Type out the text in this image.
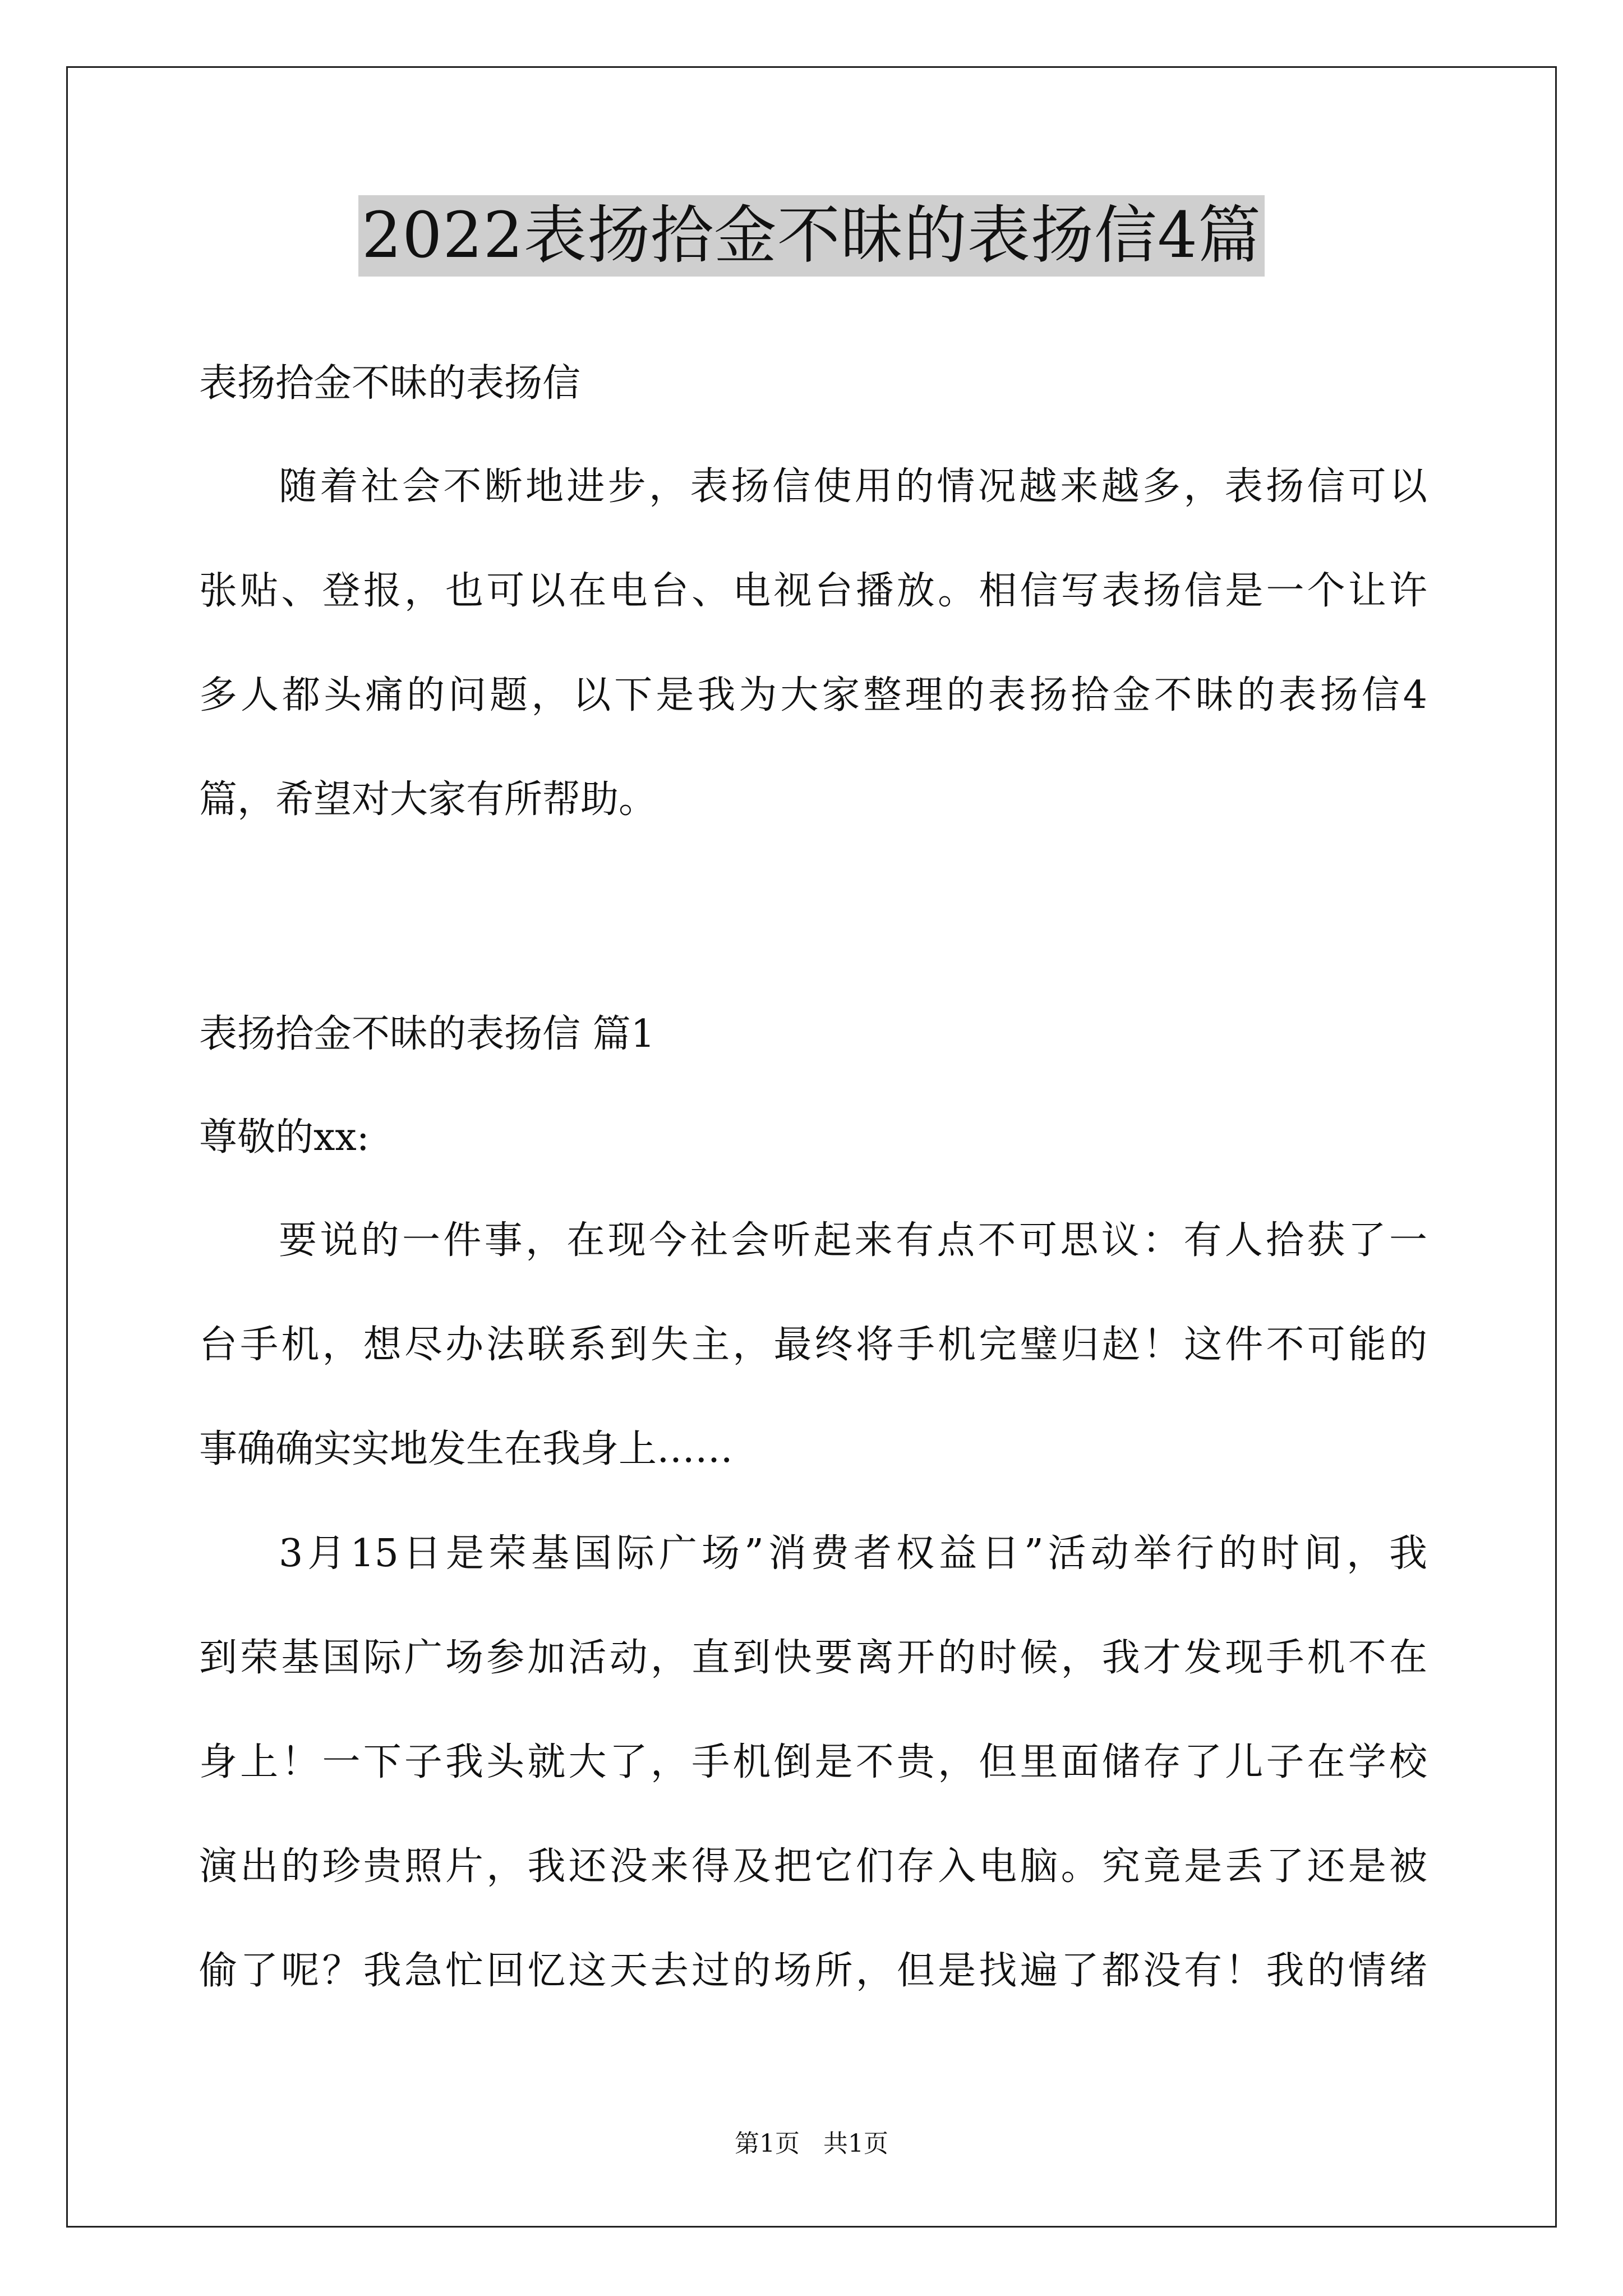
2022表扬拾金不昧的表扬信4篇
表扬拾金不昧的表扬信
随着社会不断地进步，表扬信使用的情况越来越多，表扬信可以
张贴、登报，也可以在电台、电视台播放。相信写表扬信是一个让许
多人都头痛的问题，以下是我为大家整理的表扬拾金不昧的表扬信4
篇，希望对大家有所帮助。
表扬拾金不昧的表扬信 篇1
尊敬的xx:
要说的一件事，在现今社会听起来有点不可思议：有人拾获了一
台手机，想尽办法联系到失主，最终将手机完璧归赵！这件不可能的
事确确实实地发生在我身上……
3月15日是荣基国际广场”消费者权益日”活动举行的时间，我
到荣基国际广场参加活动，直到快要离开的时候，我才发现手机不在
身上！一下子我头就大了，手机倒是不贵，但里面储存了儿子在学校
演出的珍贵照片，我还没来得及把它们存入电脑。究竟是丢了还是被
偷了呢？我急忙回忆这天去过的场所，但是找遍了都没有！我的情绪
第1页 共1页
